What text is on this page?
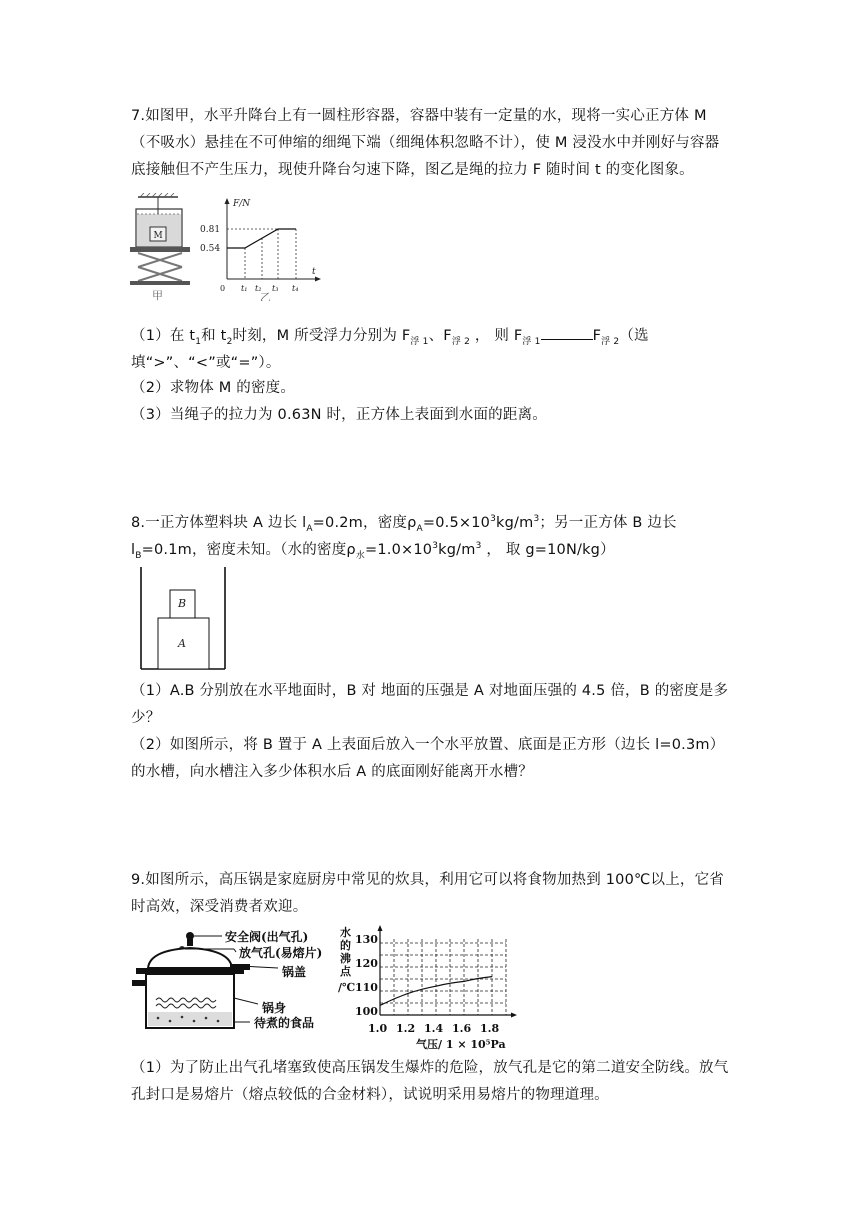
7.如图甲，水平升降台上有一圆柱形容器，容器中装有一定量的水，现将一实心正方体 M（不吸水）悬挂在不可伸缩的细绳下端（细绳体积忽略不计），使 M 浸没水中并刚好与容器底接触但不产生压力，现使升降台匀速下降，图乙是绳的拉力 F 随时间 t 的变化图象。
M
甲
F/N
t
0
0.81
0.54
t₁ t₂ t₃ t₄
乙
（1）在 $t_1$和 $t_2$时刻，M 所受浮力分别为 $F_{浮 1}$、$F_{浮 2}$ ， 则 $F_{浮 1}$	$F_{浮 2}$（选填“>”、“<”或“=”）。
（2）求物体 M 的密度。
（3）当绳子的拉力为 0.63N 时，正方体上表面到水面的距离。
8.一正方体塑料块 A 边长 $l_A=0.2m$，密度$\rho_A=0.5\times 10^3kg/m^3$；另一正方体 B 边长 $l_B=0.1m$，密度未知。（水的密度$\rho_水=1.0\times 10^3kg/m^3$ ， 取 g=10N/kg）
A
B
（1）A.B 分别放在水平地面时，B 对 地面的压强是 A 对地面压强的 4.5 倍，B 的密度是多少？
（2）如图所示，将 B 置于 A 上表面后放入一个水平放置、底面是正方形（边长 l=0.3m）的水槽，向水槽注入多少体积水后 A 的底面刚好能离开水槽？
9.如图所示，高压锅是家庭厨房中常见的炊具，利用它可以将食物加热到 100℃以上，它省时高效，深受消费者欢迎。
安全阀(出气孔)
放气孔(易熔片)
锅盖
锅身
待煮的食品
水
的
沸
点
/℃
130
120
110
100
1.0 1.2 1.4 1.6 1.8
气压/ 1 × 10⁵Pa
（1）为了防止出气孔堵塞致使高压锅发生爆炸的危险，放气孔是它的第二道安全防线。放气孔封口是易熔片（熔点较低的合金材料），试说明采用易熔片的物理道理。
